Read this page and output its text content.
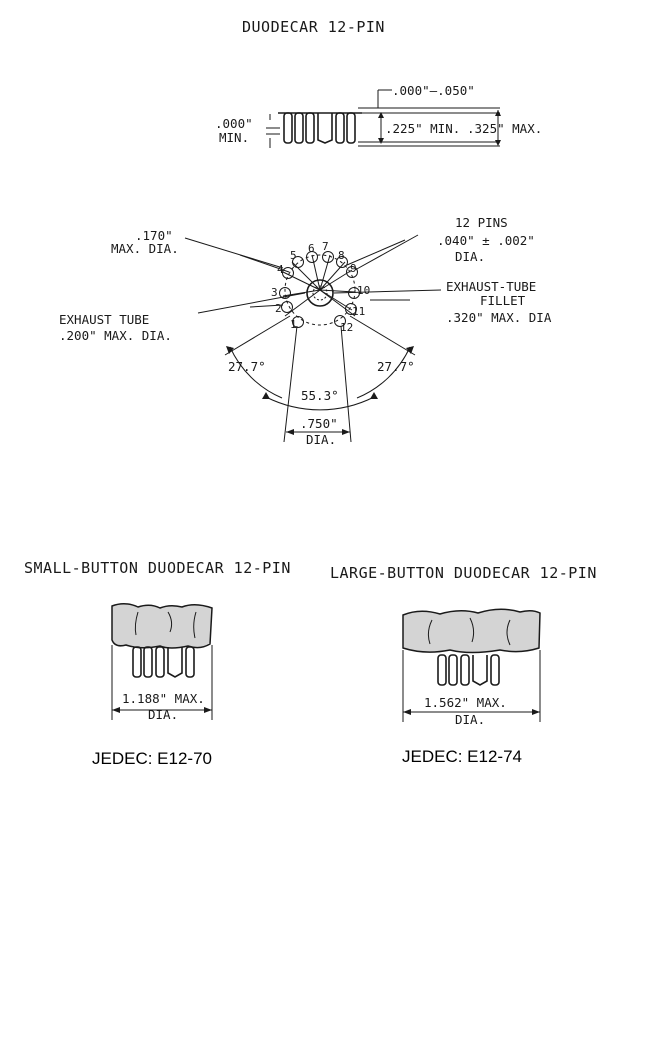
DUODECAR 12-PIN
.000"
MIN.
.000"—.050"
.225" MIN. .325" MAX.
1
2
3
4
5
6 7
8
9
10
11
12
.170"
MAX. DIA.
12 PINS
.040" ± .002"
DIA.
EXHAUST TUBE
.200" MAX. DIA.
EXHAUST-TUBE
FILLET
.320" MAX. DIA
27.7°	27.7°
55.3°
.750"
DIA.
SMALL-BUTTON DUODECAR 12-PIN
1.188" MAX.
DIA.
JEDEC: E12-70
LARGE-BUTTON DUODECAR 12-PIN
1.562" MAX.
DIA.
JEDEC: E12-74
